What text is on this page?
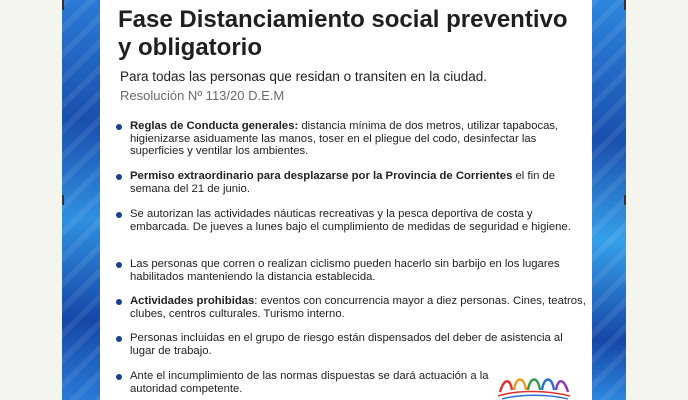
Fase Distanciamiento social preventivo y obligatorio

Para todas las personas que residan o transiten en la ciudad.

Resolución Nº 113/20 D.E.M

Reglas de Conducta generales: distancia mínima de dos metros, utilizar tapabocas, higienizarse asiduamente las manos, toser en el pliegue del codo, desinfectar las superficies y ventilar los ambientes.
Permiso extraordinario para desplazarse por la Provincia de Corrientes el fin de semana del 21 de junio.
Se autorizan las actividades náuticas recreativas y la pesca deportiva de costa y embarcada. De jueves a lunes bajo el cumplimiento de medidas de seguridad e higiene.
Las personas que corren o realizan ciclismo pueden hacerlo sin barbijo en los lugares habilitados manteniendo la distancia establecida.
Actividades prohibidas: eventos con concurrencia mayor a diez personas. Cines, teatros, clubes, centros culturales. Turismo interno.
Personas incluidas en el grupo de riesgo están dispensados del deber de asistencia al lugar de trabajo.
Ante el incumplimiento de las normas dispuestas se dará actuación a la autoridad competente.
